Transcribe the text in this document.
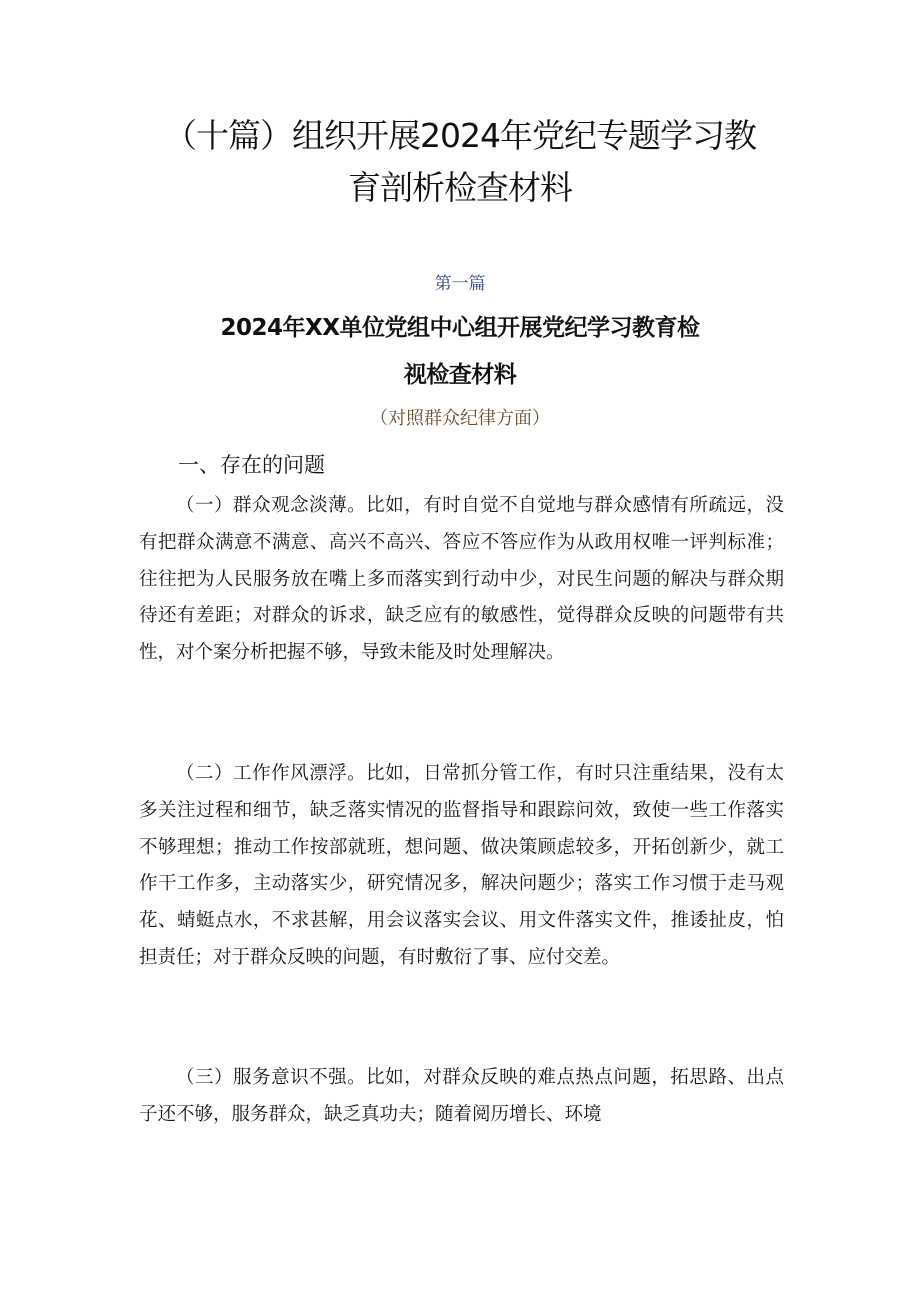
（十篇）组织开展2024年党纪专题学习教
育剖析检查材料
第一篇
2024年XX单位党组中心组开展党纪学习教育检
视检查材料
（对照群众纪律方面）
一、存在的问题

（一）群众观念淡薄。比如，有时自觉不自觉地与群众感情有所疏远，没有把群众满意不满意、高兴不高兴、答应不答应作为从政用权唯一评判标准；往往把为人民服务放在嘴上多而落实到行动中少，对民生问题的解决与群众期待还有差距；对群众的诉求，缺乏应有的敏感性，觉得群众反映的问题带有共性，对个案分析把握不够，导致未能及时处理解决。

（二）工作作风漂浮。比如，日常抓分管工作，有时只注重结果，没有太多关注过程和细节，缺乏落实情况的监督指导和跟踪问效，致使一些工作落实不够理想；推动工作按部就班，想问题、做决策顾虑较多，开拓创新少，就工作干工作多，主动落实少，研究情况多，解决问题少；落实工作习惯于走马观花、蜻蜓点水，不求甚解，用会议落实会议、用文件落实文件，推诿扯皮，怕担责任；对于群众反映的问题，有时敷衍了事、应付交差。

（三）服务意识不强。比如，对群众反映的难点热点问题，拓思路、出点子还不够，服务群众，缺乏真功夫；随着阅历增长、环境
